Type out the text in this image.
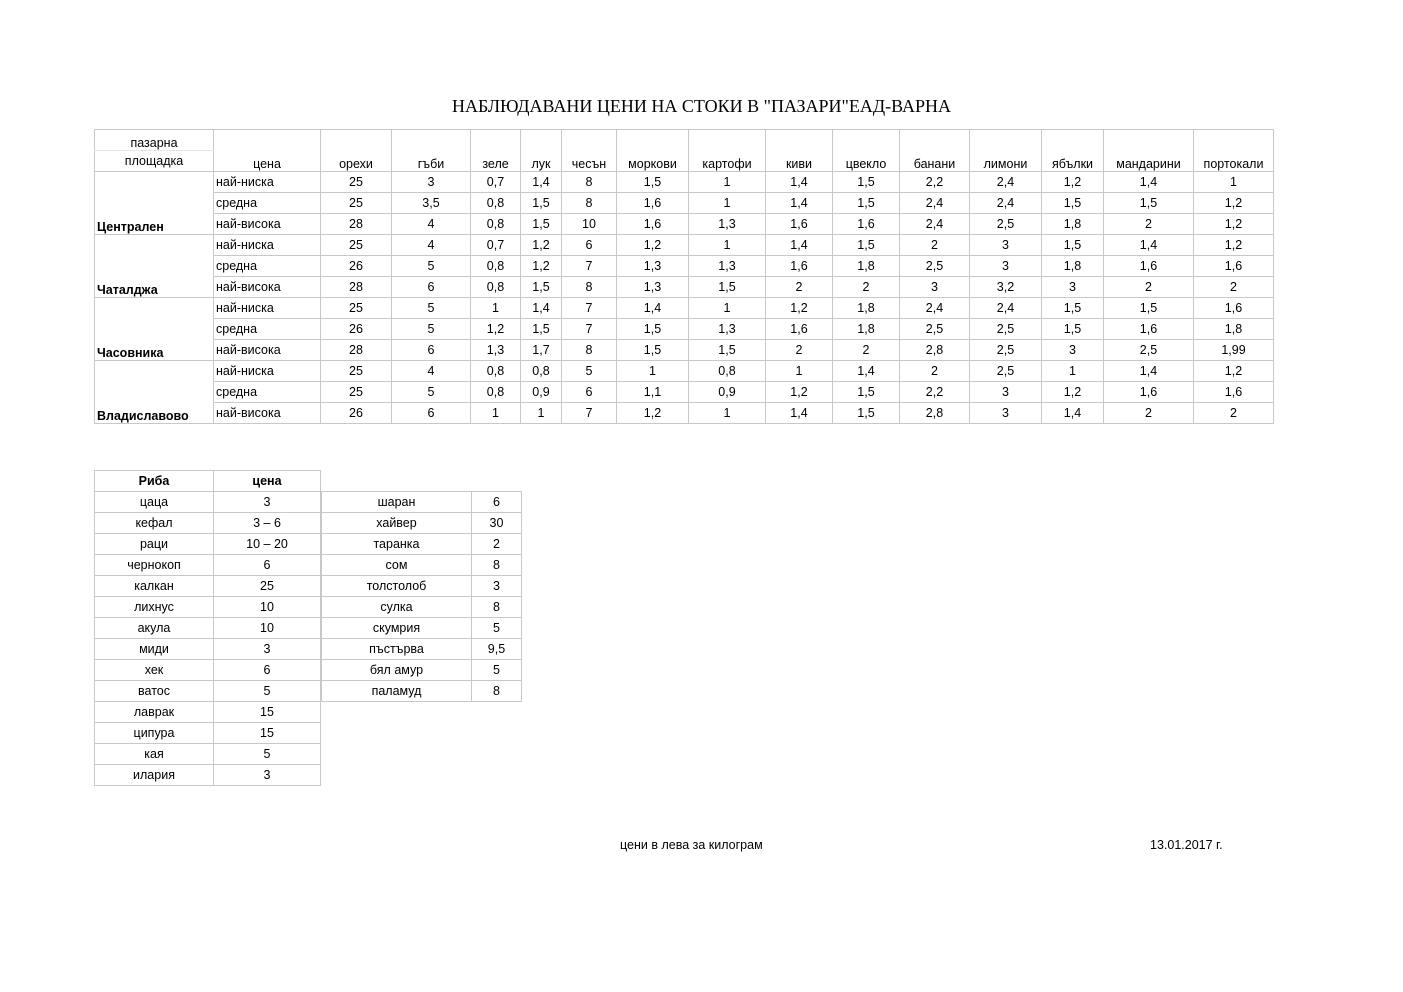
НАБЛЮДАВАНИ ЦЕНИ НА СТОКИ В "ПАЗАРИ"ЕАД-ВАРНА
пазарна	цена	орехи	гъби	зеле	лук	чесън	моркови	картофи	киви	цвекло	банани	лимони	ябълки	мандарини	портокали
площадка															
Централен	най-ниска	25	3	0,7	1,4	8	1,5	1	1,4	1,5	2,2	2,4	1,2	1,4	1
	средна	25	3,5	0,8	1,5	8	1,6	1	1,4	1,5	2,4	2,4	1,5	1,5	1,2
	най-висока	28	4	0,8	1,5	10	1,6	1,3	1,6	1,6	2,4	2,5	1,8	2	1,2
Чаталджа	най-ниска	25	4	0,7	1,2	6	1,2	1	1,4	1,5	2	3	1,5	1,4	1,2
	средна	26	5	0,8	1,2	7	1,3	1,3	1,6	1,8	2,5	3	1,8	1,6	1,6
	най-висока	28	6	0,8	1,5	8	1,3	1,5	2	2	3	3,2	3	2	2
Часовника	най-ниска	25	5	1	1,4	7	1,4	1	1,2	1,8	2,4	2,4	1,5	1,5	1,6
	средна	26	5	1,2	1,5	7	1,5	1,3	1,6	1,8	2,5	2,5	1,5	1,6	1,8
	най-висока	28	6	1,3	1,7	8	1,5	1,5	2	2	2,8	2,5	3	2,5	1,99
Владиславово	най-ниска	25	4	0,8	0,8	5	1	0,8	1	1,4	2	2,5	1	1,4	1,2
	средна	25	5	0,8	0,9	6	1,1	0,9	1,2	1,5	2,2	3	1,2	1,6	1,6
	най-висока	26	6	1	1	7	1,2	1	1,4	1,5	2,8	3	1,4	2	2
Риба	цена
цаца	3
кефал	3 – 6
раци	10 – 20
чернокоп	6
калкан	25
лихнус	10
акула	10
миди	3
хек	6
ватос	5
лаврак	15
ципура	15
кая	5
илария	3
шаран	6
хайвер	30
таранка	2
сом	8
толстолоб	3
сулка	8
скумрия	5
пъстърва	9,5
бял амур	5
паламуд	8
цени в лева за килограм	13.01.2017 г.
